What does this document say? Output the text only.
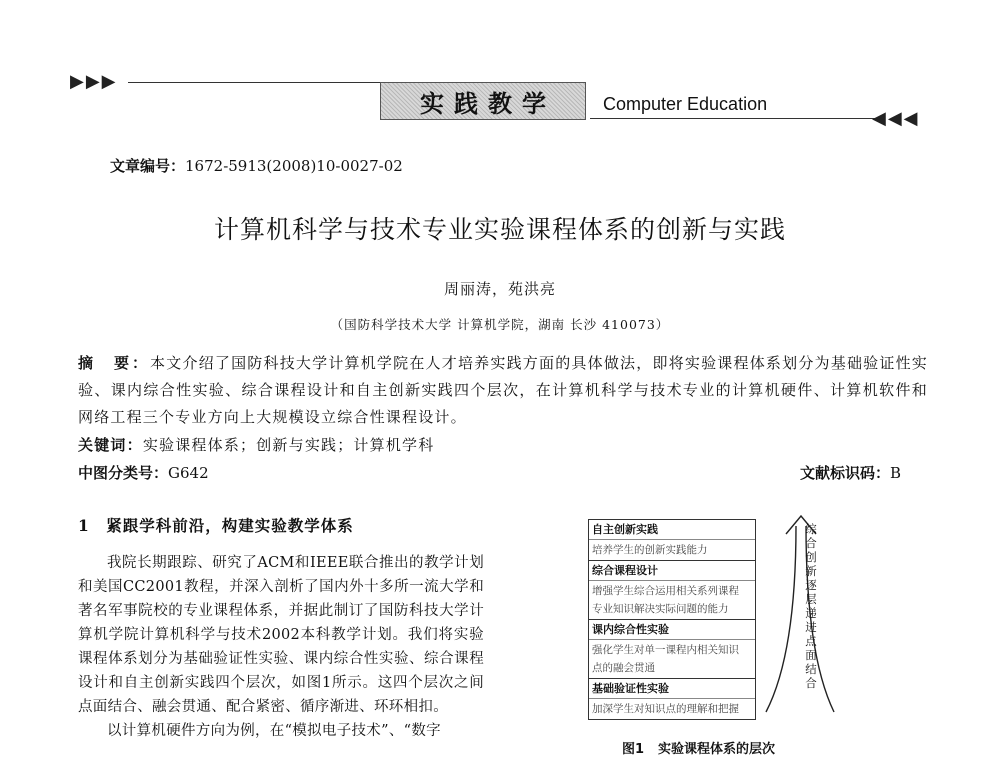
▶▶▶
实践教学	Computer Education
◀◀◀
文章编号：1672-5913(2008)10-0027-02
计算机科学与技术专业实验课程体系的创新与实践
周丽涛，苑洪亮
（国防科学技术大学 计算机学院，湖南 长沙 410073）
摘　要：本文介绍了国防科技大学计算机学院在人才培养实践方面的具体做法，即将实验课程体系划分为基础验证性实验、课内综合性实验、综合课程设计和自主创新实践四个层次，在计算机科学与技术专业的计算机硬件、计算机软件和网络工程三个专业方向上大规模设立综合性课程设计。
关键词：实验课程体系；创新与实践；计算机学科
中图分类号：G642	文献标识码：B
1　紧跟学科前沿，构建实验教学体系

我院长期跟踪、研究了ACM和IEEE联合推出的教学计划和美国CC2001教程，并深入剖析了国内外十多所一流大学和著名军事院校的专业课程体系，并据此制订了国防科技大学计算机学院计算机科学与技术2002本科教学计划。我们将实验课程体系划分为基础验证性实验、课内综合性实验、综合课程设计和自主创新实践四个层次，如图1所示。这四个层次之间点面结合、融会贯通、配合紧密、循序渐进、环环相扣。

以计算机硬件方向为例，在“模拟电子技术”、“数字

自主创新实践
培养学生的创新实践能力
综合课程设计
增强学生综合运用相关系列课程
专业知识解决实际问题的能力
课内综合性实验
强化学生对单一课程内相关知识
点的融会贯通
基础验证性实验
加深学生对知识点的理解和把握
综合创新 逐层递进 点面结合
图1 实验课程体系的层次
